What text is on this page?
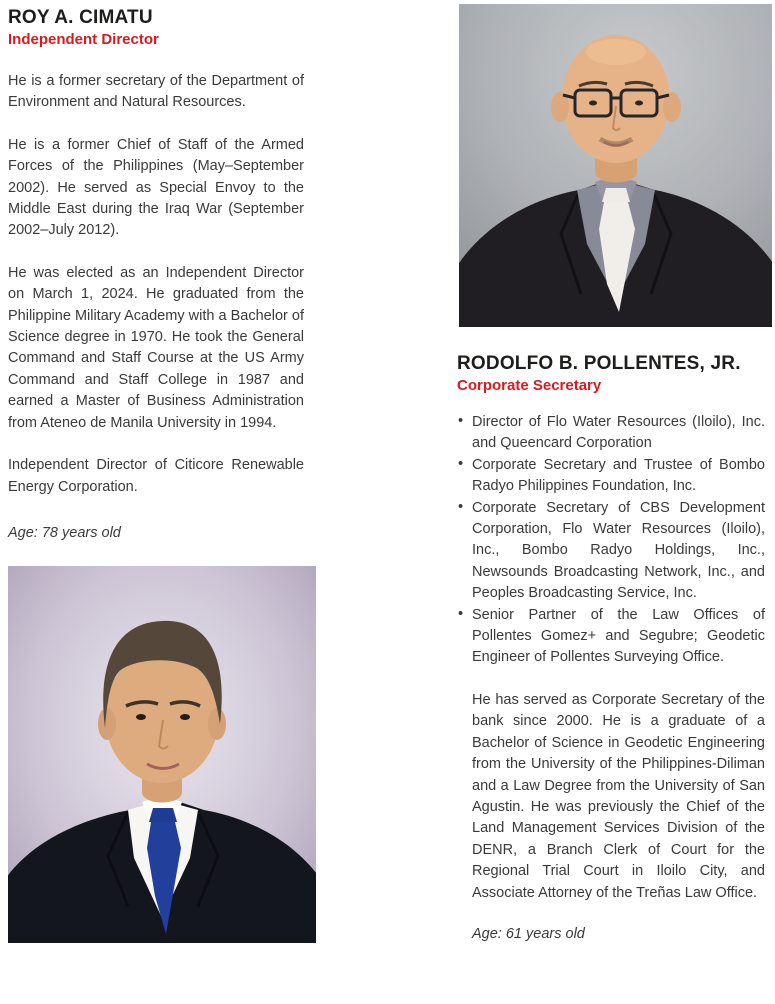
ROY A. CIMATU
Independent Director

He is a former secretary of the Department of Environment and Natural Resources.

He is a former Chief of Staff of the Armed Forces of the Philippines (May–September 2002). He served as Special Envoy to the Middle East during the Iraq War (September 2002–July 2012).

He was elected as an Independent Director on March 1, 2024. He graduated from the Philippine Military Academy with a Bachelor of Science degree in 1970. He took the General Command and Staff Course at the US Army Command and Staff College in 1987 and earned a Master of Business Administration from Ateneo de Manila University in 1994.

Independent Director of Citicore Renewable Energy Corporation.

Age: 78 years old

RODOLFO B. POLLENTES, JR.
Corporate Secretary
• Director of Flo Water Resources (Iloilo), Inc. and Queencard Corporation
• Corporate Secretary and Trustee of Bombo Radyo Philippines Foundation, Inc.
• Corporate Secretary of CBS Development Corporation, Flo Water Resources (Iloilo), Inc., Bombo Radyo Holdings, Inc., Newsounds Broadcasting Network, Inc., and Peoples Broadcasting Service, Inc.
• Senior Partner of the Law Offices of Pollentes Gomez+ and Segubre; Geodetic Engineer of Pollentes Surveying Office.

He has served as Corporate Secretary of the bank since 2000. He is a graduate of a Bachelor of Science in Geodetic Engineering from the University of the Philippines-Diliman and a Law Degree from the University of San Agustin. He was previously the Chief of the Land Management Services Division of the DENR, a Branch Clerk of Court for the Regional Trial Court in Iloilo City, and Associate Attorney of the Treñas Law Office.

Age: 61 years old
